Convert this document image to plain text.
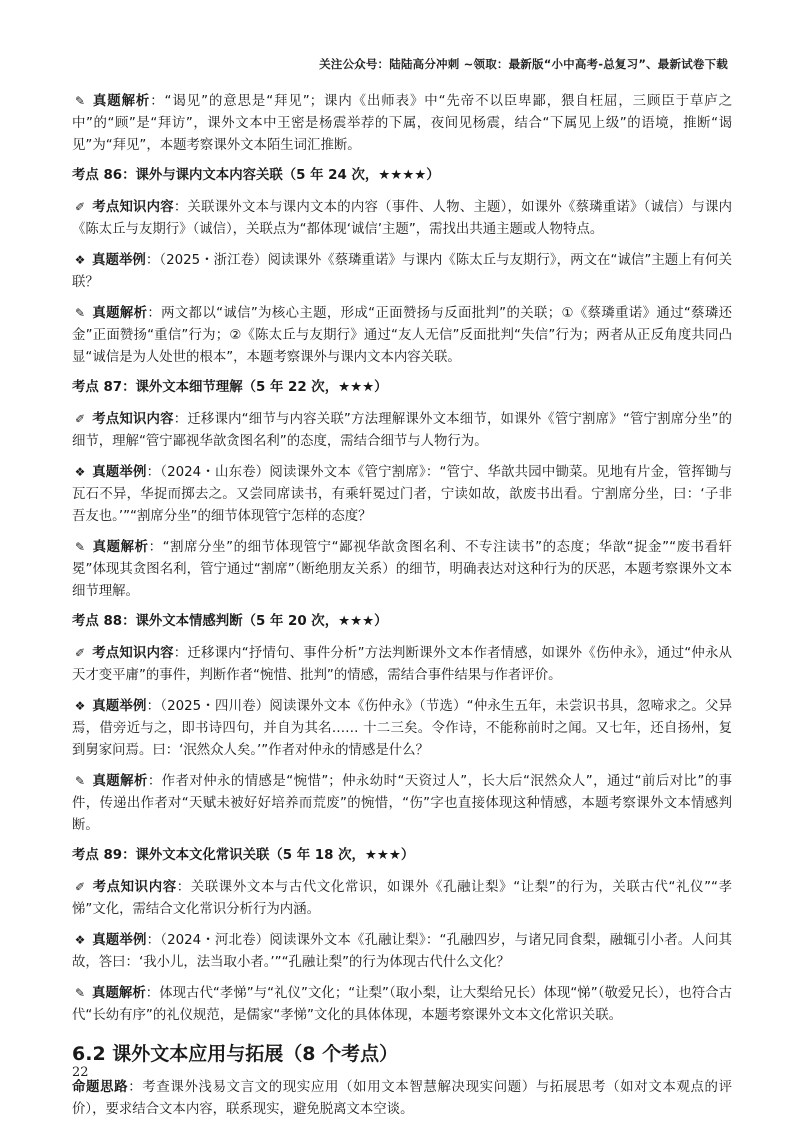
关注公众号：陆陆高分冲刺 ~领取：最新版“小中高考-总复习”、最新试卷下载

✎ 真题解析：“谒见”的意思是“拜见”；课内《出师表》中“先帝不以臣卑鄙，猥自枉屈，三顾臣于草庐之中”的“顾”是“拜访”，课外文本中王密是杨震举荐的下属，夜间见杨震，结合“下属见上级”的语境，推断“谒见”为“拜见”，本题考察课外文本陌生词汇推断。

考点 86：课外与课内文本内容关联（5 年 24 次，★★★★）

✐ 考点知识内容：关联课外文本与课内文本的内容（事件、人物、主题），如课外《蔡璘重诺》（诚信）与课内《陈太丘与友期行》（诚信），关联点为“都体现‘诚信’主题”，需找出共通主题或人物特点。

❖ 真题举例：（2025・浙江卷）阅读课外《蔡璘重诺》与课内《陈太丘与友期行》，两文在“诚信”主题上有何关联？

✎ 真题解析：两文都以“诚信”为核心主题，形成“正面赞扬与反面批判”的关联；①《蔡璘重诺》通过“蔡璘还金”正面赞扬“重信”行为；②《陈太丘与友期行》通过“友人无信”反面批判“失信”行为；两者从正反角度共同凸显“诚信是为人处世的根本”，本题考察课外与课内文本内容关联。

考点 87：课外文本细节理解（5 年 22 次，★★★）

✐ 考点知识内容：迁移课内“细节与内容关联”方法理解课外文本细节，如课外《管宁割席》“管宁割席分坐”的细节，理解“管宁鄙视华歆贪图名利”的态度，需结合细节与人物行为。

❖ 真题举例：（2024・山东卷）阅读课外文本《管宁割席》：“管宁、华歆共园中锄菜。见地有片金，管挥锄与瓦石不异，华捉而掷去之。又尝同席读书，有乘轩冕过门者，宁读如故，歆废书出看。宁割席分坐，曰：‘子非吾友也。’”“割席分坐”的细节体现管宁怎样的态度？

✎ 真题解析：“割席分坐”的细节体现管宁“鄙视华歆贪图名利、不专注读书”的态度；华歆“捉金”“废书看轩冕”体现其贪图名利，管宁通过“割席”（断绝朋友关系）的细节，明确表达对这种行为的厌恶，本题考察课外文本细节理解。

考点 88：课外文本情感判断（5 年 20 次，★★★）

✐ 考点知识内容：迁移课内“抒情句、事件分析”方法判断课外文本作者情感，如课外《伤仲永》，通过“仲永从天才变平庸”的事件，判断作者“惋惜、批判”的情感，需结合事件结果与作者评价。

❖ 真题举例：（2025・四川卷）阅读课外文本《伤仲永》（节选）“仲永生五年，未尝识书具，忽啼求之。父异焉，借旁近与之，即书诗四句，并自为其名…… 十二三矣。令作诗，不能称前时之闻。又七年，还自扬州，复到舅家问焉。曰：‘泯然众人矣。’”作者对仲永的情感是什么？

✎ 真题解析：作者对仲永的情感是“惋惜”；仲永幼时“天资过人”，长大后“泯然众人”，通过“前后对比”的事件，传递出作者对“天赋未被好好培养而荒废”的惋惜，“伤”字也直接体现这种情感，本题考察课外文本情感判断。

考点 89：课外文本文化常识关联（5 年 18 次，★★★）

✐ 考点知识内容：关联课外文本与古代文化常识，如课外《孔融让梨》“让梨”的行为，关联古代“礼仪”“孝悌”文化，需结合文化常识分析行为内涵。

❖ 真题举例：（2024・河北卷）阅读课外文本《孔融让梨》：“孔融四岁，与诸兄同食梨，融辄引小者。人问其故，答曰：‘我小儿，法当取小者。’”“孔融让梨”的行为体现古代什么文化？

✎ 真题解析：体现古代“孝悌”与“礼仪”文化；“让梨”（取小梨，让大梨给兄长）体现“悌”（敬爱兄长），也符合古代“长幼有序”的礼仪规范，是儒家“孝悌”文化的具体体现，本题考察课外文本文化常识关联。

6.2 课外文本应用与拓展（8 个考点）

命题思路：考查课外浅易文言文的现实应用（如用文本智慧解决现实问题）与拓展思考（如对文本观点的评价），要求结合文本内容，联系现实，避免脱离文本空谈。

22
